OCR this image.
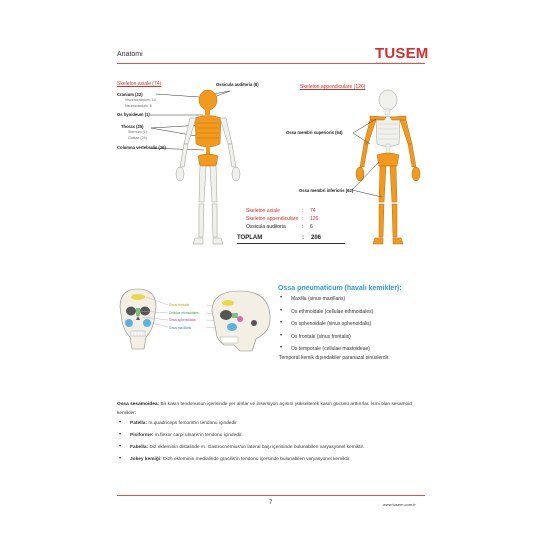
Anatomi	TUSEM
Skeleton axiale (74)	Ossicula auditoria (6)
Cranium (22)
Viscerocranium: 14
Neurocranium: 8
Os hyoideum (1)
Thorax (25)
Sternum (1)
Costae (24)
Columna vertebralis (26)
Skeleton appendiculare (126)
Ossa membri superioris (64)
Ossa membri inferioris (62)
Skeleton axiale	: 74
Skeleton appendiculare : 126
Ossicula auditoria	: 6
TOPLAM	: 206
Sinus frontalis
Cellulae ethmoidales
Sinus sphenoidalis
Sinus maxillaris
Ossa pneumaticum (havalı kemikler):
• Maxilla (sinus maxillaris)
• Os ethmoidale (cellulae ethmoidales)
• Os sphenoidale (sinus sphenoidalis)
• Os frontale (sinus frontalis)
• Os temporale (cellulae mastoideae)
Temporal kemik dışındakiler paranazal sinüslerdir.
Ossa sesamoidea: Bir kasın tendonunun içerisinde yer alırlar ve insersiyon açısını yükselterek kasın gücünü arttırırlar. İsmi olan sesamoid kemikler:
• Patella: m.quadriceps femoris'in tendonu içindedir
• Pisiforme: m.flexor carpi ulnaris'in tendonu içindedir.
• Fabella: Diz ekleminin distalinde m. Gastrocnemius'un lateral başı içerisinde bulunabilen varyasyonel kemiktir.
• Jokey kemiği: Dizh ekleminin medialinde gracilis'in tendonu içersinde bulunabilen varyasyonel kemiktir.
7	www.tusem.com.tr
